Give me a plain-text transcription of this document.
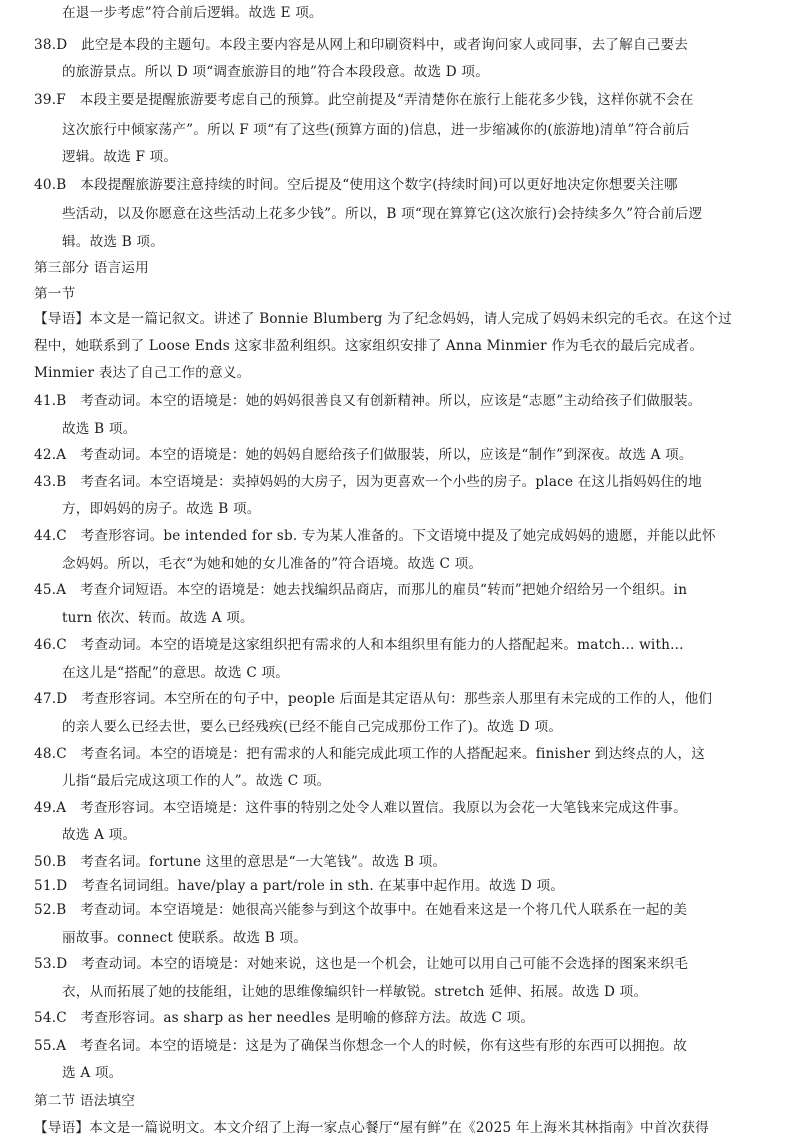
在退一步考虑”符合前后逻辑。故选 E 项。
38.D　此空是本段的主题句。本段主要内容是从网上和印刷资料中，或者询问家人或同事，去了解自己要去
的旅游景点。所以 D 项“调查旅游目的地”符合本段段意。故选 D 项。
39.F　本段主要是提醒旅游要考虑自己的预算。此空前提及“弄清楚你在旅行上能花多少钱，这样你就不会在
这次旅行中倾家荡产”。所以 F 项“有了这些(预算方面的)信息，进一步缩减你的(旅游地)清单”符合前后
逻辑。故选 F 项。
40.B　本段提醒旅游要注意持续的时间。空后提及“使用这个数字(持续时间)可以更好地决定你想要关注哪
些活动，以及你愿意在这些活动上花多少钱”。所以，B 项“现在算算它(这次旅行)会持续多久”符合前后逻
辑。故选 B 项。
第三部分 语言运用
第一节
【导语】本文是一篇记叙文。讲述了 Bonnie Blumberg 为了纪念妈妈，请人完成了妈妈未织完的毛衣。在这个过
程中，她联系到了 Loose Ends 这家非盈利组织。这家组织安排了 Anna Minmier 作为毛衣的最后完成者。
Minmier 表达了自己工作的意义。
41.B　考查动词。本空的语境是：她的妈妈很善良又有创新精神。所以，应该是“志愿”主动给孩子们做服装。
故选 B 项。
42.A　考查动词。本空的语境是：她的妈妈自愿给孩子们做服装，所以，应该是“制作”到深夜。故选 A 项。
43.B　考查名词。本空语境是：卖掉妈妈的大房子，因为更喜欢一个小些的房子。place 在这儿指妈妈住的地
方，即妈妈的房子。故选 B 项。
44.C　考查形容词。be intended for sb. 专为某人准备的。下文语境中提及了她完成妈妈的遗愿，并能以此怀
念妈妈。所以，毛衣“为她和她的女儿准备的”符合语境。故选 C 项。
45.A　考查介词短语。本空的语境是：她去找编织品商店，而那儿的雇员“转而”把她介绍给另一个组织。in
turn 依次、转而。故选 A 项。
46.C　考查动词。本空的语境是这家组织把有需求的人和本组织里有能力的人搭配起来。match... with...
在这儿是“搭配”的意思。故选 C 项。
47.D　考查形容词。本空所在的句子中，people 后面是其定语从句：那些亲人那里有未完成的工作的人，他们
的亲人要么已经去世，要么已经残疾(已经不能自己完成那份工作了)。故选 D 项。
48.C　考查名词。本空的语境是：把有需求的人和能完成此项工作的人搭配起来。finisher 到达终点的人，这
儿指“最后完成这项工作的人”。故选 C 项。
49.A　考查形容词。本空语境是：这件事的特别之处令人难以置信。我原以为会花一大笔钱来完成这件事。
故选 A 项。
50.B　考查名词。fortune 这里的意思是“一大笔钱”。故选 B 项。
51.D　考查名词词组。have/play a part/role in sth. 在某事中起作用。故选 D 项。
52.B　考查动词。本空语境是：她很高兴能参与到这个故事中。在她看来这是一个将几代人联系在一起的美
丽故事。connect 使联系。故选 B 项。
53.D　考查动词。本空的语境是：对她来说，这也是一个机会，让她可以用自己可能不会选择的图案来织毛
衣，从而拓展了她的技能组，让她的思维像编织针一样敏锐。stretch 延伸、拓展。故选 D 项。
54.C　考查形容词。as sharp as her needles 是明喻的修辞方法。故选 C 项。
55.A　考查名词。本空的语境是：这是为了确保当你想念一个人的时候，你有这些有形的东西可以拥抱。故
选 A 项。
第二节 语法填空
【导语】本文是一篇说明文。本文介绍了上海一家点心餐厅“屋有鲜”在《2025 年上海米其林指南》中首次获得
